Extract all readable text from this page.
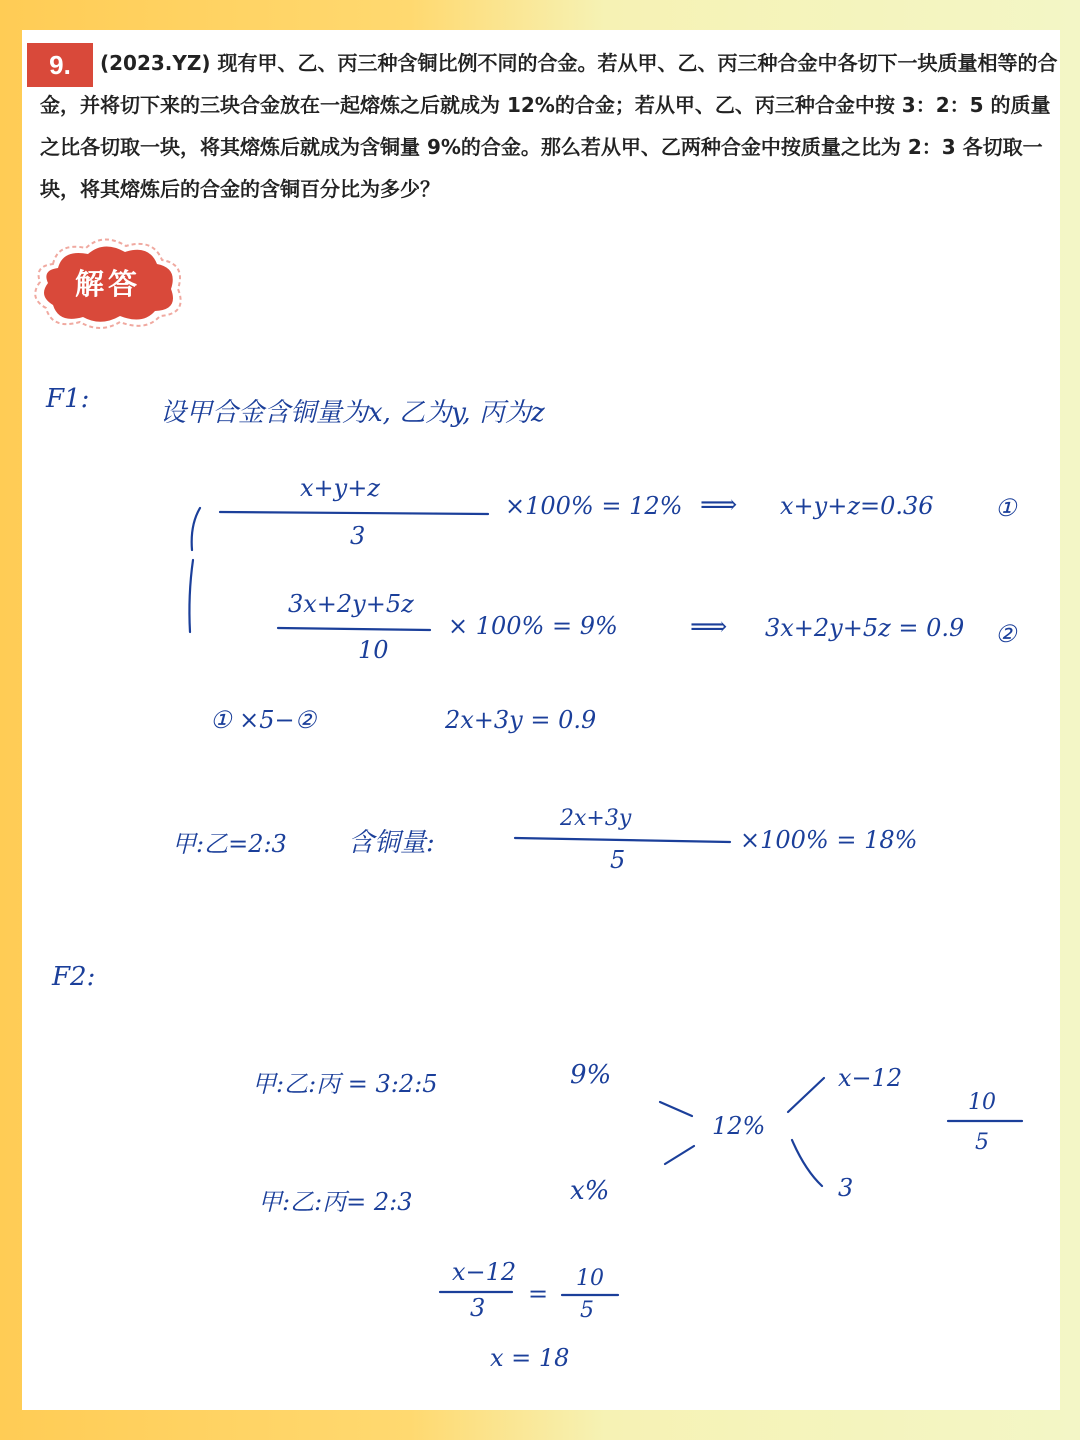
(2023.YZ) 现有甲、乙、丙三种含铜比例不同的合金。若从甲、乙、丙三种合金中各切下一块质量相等的合金，并将切下来的三块合金放在一起熔炼之后就成为 12%的合金；若从甲、乙、丙三种合金中按 3：2：5 的质量之比各切取一块，将其熔炼后就成为含铜量 9%的合金。那么若从甲、乙两种合金中按质量之比为 2：3 各切取一块，将其熔炼后的合金的含铜百分比为多少？

9.
解答
F1:	设甲合金含铜量为x, 乙为y, 丙为z
x+y+z
3
×100% = 12% ⟹ x+y+z=0.36	①
3x+2y+5z
10
× 100% = 9%	⟹ 3x+2y+5z = 0.9 ②
① ×5−②	2x+3y = 0.9
甲:乙=2:3 含铜量:
2x+3y
5
×100% = 18%
F2:
甲:乙:丙 = 3:2:5
甲:乙:丙= 2:3
9%
x%
12%
x−12
3
10
5
x−12
3 =
10
5
x = 18
